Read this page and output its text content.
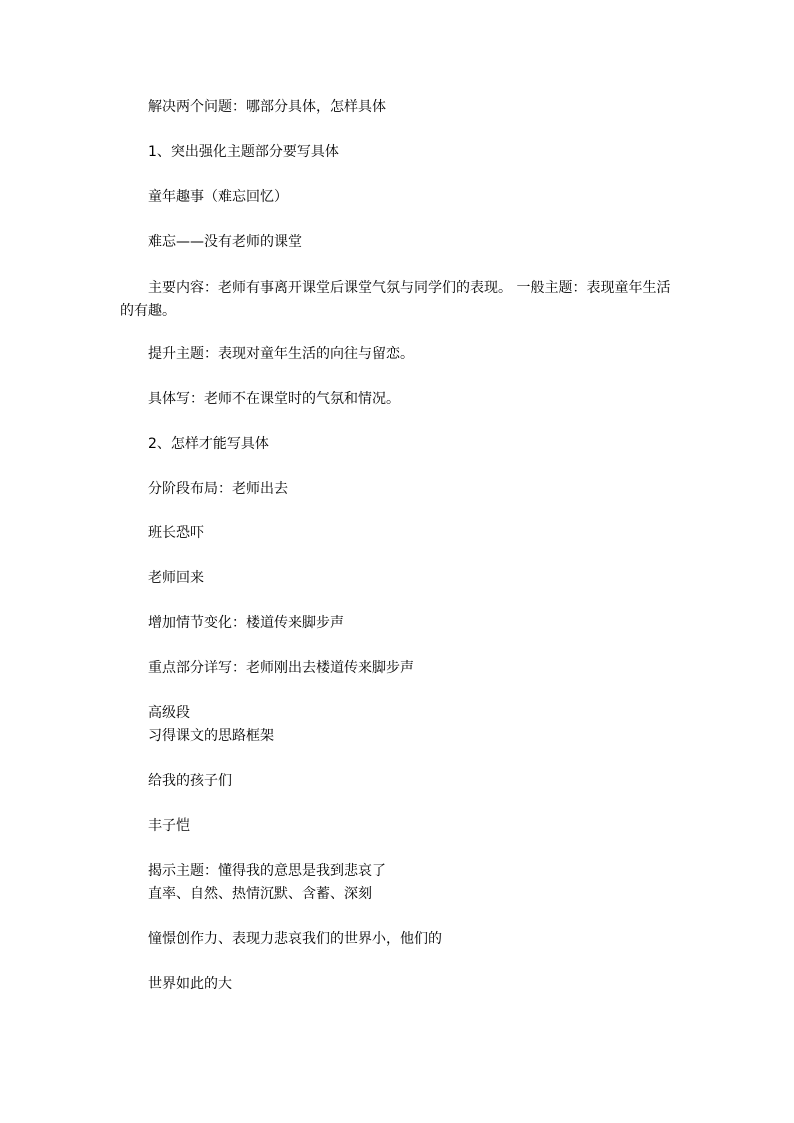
解决两个问题：哪部分具体，怎样具体

1、突出强化主题部分要写具体

童年趣事（难忘回忆）

难忘——没有老师的课堂

主要内容：老师有事离开课堂后课堂气氛与同学们的表现。 一般主题：表现童年生活的有趣。

提升主题：表现对童年生活的向往与留恋。

具体写：老师不在课堂时的气氛和情况。

2、怎样才能写具体

分阶段布局：老师出去

班长恐吓

老师回来

增加情节变化：楼道传来脚步声

重点部分详写：老师刚出去楼道传来脚步声

高级段

习得课文的思路框架

给我的孩子们

丰子恺

揭示主题：懂得我的意思是我到悲哀了

直率、自然、热情沉默、含蓄、深刻

憧憬创作力、表现力悲哀我们的世界小，他们的

世界如此的大
